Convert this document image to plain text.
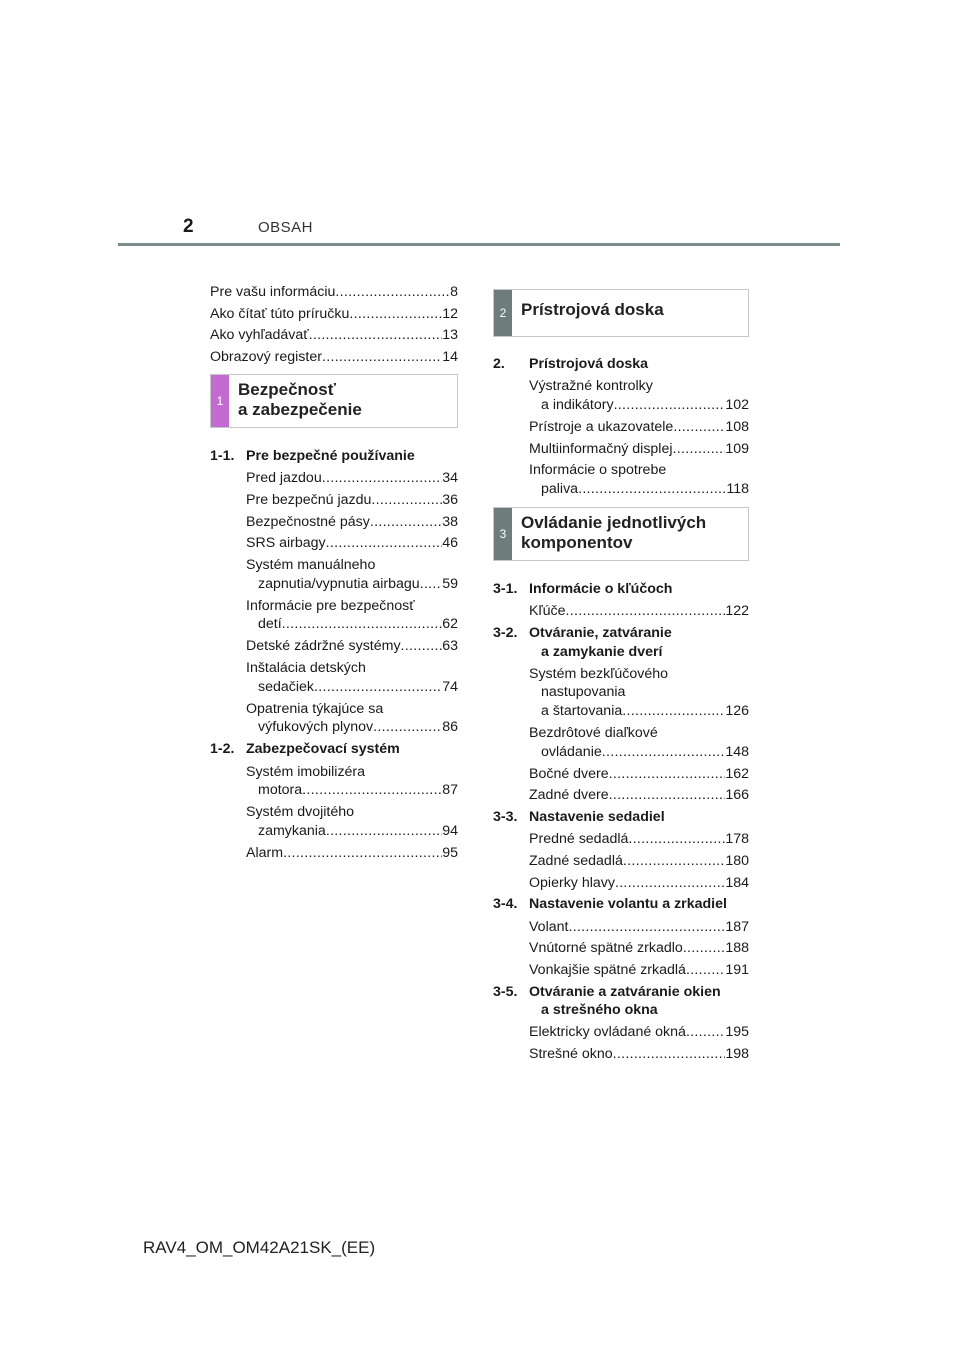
2	OBSAH
Pre vašu informáciu .....	8
Ako čítať túto príručku .....	12
Ako vyhľadávať .....	13
Obrazový register .....	14
1
Bezpečnosť
a zabezpečenie
1-1. Pre bezpečné používanie
Pred jazdou .....	34
Pre bezpečnú jazdu .....	36
Bezpečnostné pásy .....	38
SRS airbagy .....	46
Systém manuálneho
zapnutia/vypnutia airbagu ..... 59
Informácie pre bezpečnosť
detí .....	62
Detské zádržné systémy .....	63
Inštalácia detských
sedačiek .....	74
Opatrenia týkajúce sa
výfukových plynov .....	86
1-2. Zabezpečovací systém
Systém imobilizéra
motora .....	87
Systém dvojitého
zamykania .....	94
Alarm .....	95
2 Prístrojová doska
2.	Prístrojová doska
Výstražné kontrolky
a indikátory .....	102
Prístroje a ukazovatele .....	108
Multiinformačný displej .....	109
Informácie o spotrebe
paliva .....	118
3
Ovládanie jednotlivých
komponentov
3-1. Informácie o kľúčoch
Kľúče .....	122
3-2. Otváranie, zatváranie
a zamykanie dverí
Systém bezkľúčového
nastupovania
a štartovania .....	126
Bezdrôtové diaľkové
ovládanie .....	148
Bočné dvere .....	162
Zadné dvere .....	166
3-3. Nastavenie sedadiel
Predné sedadlá .....	178
Zadné sedadlá .....	180
Opierky hlavy .....	184
3-4. Nastavenie volantu a zrkadiel
Volant .....	187
Vnútorné spätné zrkadlo .....	188
Vonkajšie spätné zrkadlá .....	191
3-5. Otváranie a zatváranie okien
a strešného okna
Elektricky ovládané okná .....	195
Strešné okno .....	198
RAV4_OM_OM42A21SK_(EE)
